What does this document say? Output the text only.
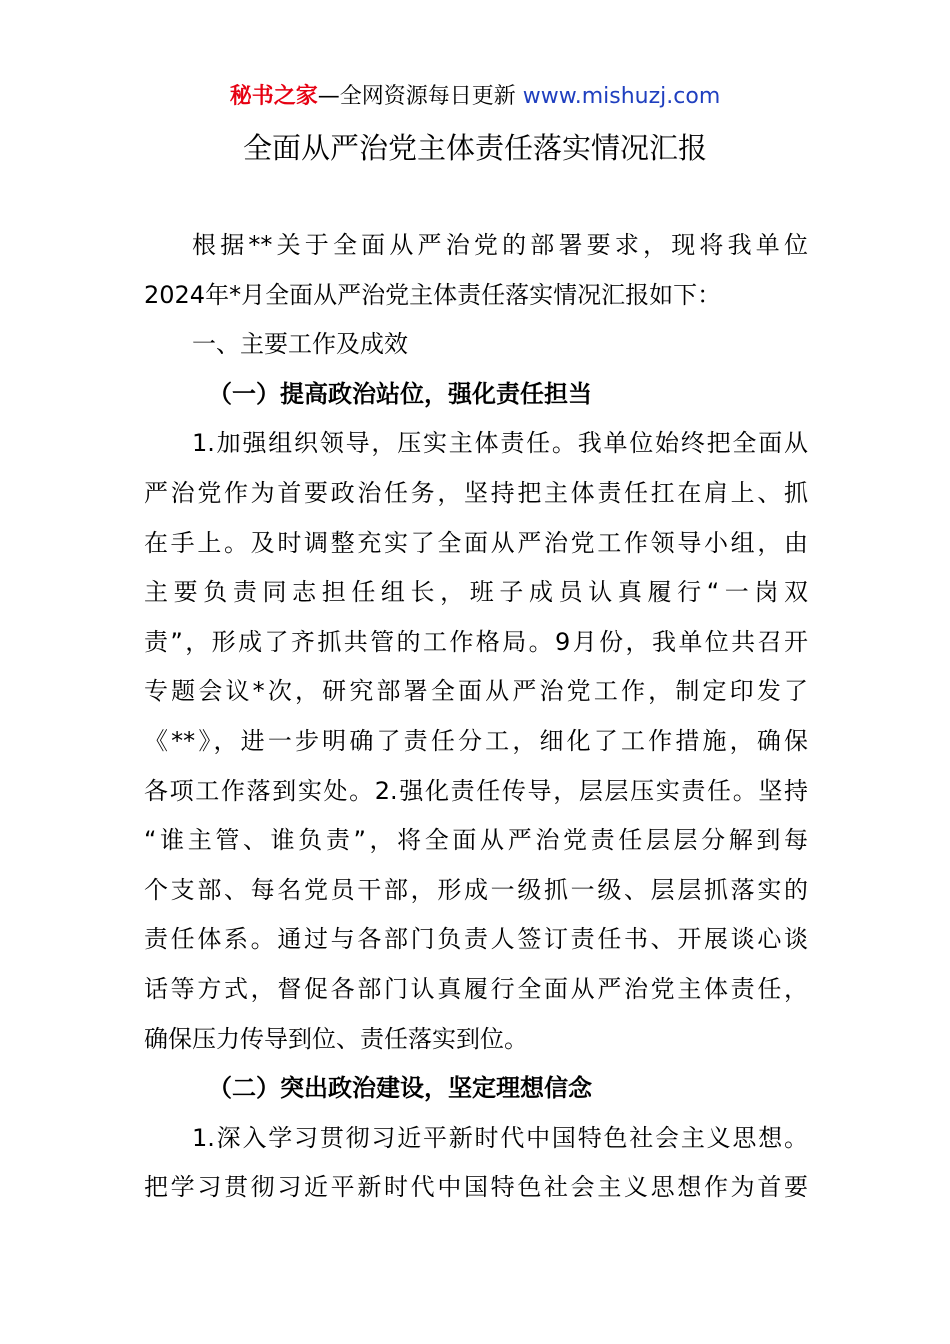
秘书之家—全网资源每日更新 www.mishuzj.com
全面从严治党主体责任落实情况汇报
根据**关于全面从严治党的部署要求，现将我单位
2024年*月全面从严治党主体责任落实情况汇报如下：
一、主要工作及成效
（一）提高政治站位，强化责任担当
1.加强组织领导，压实主体责任。我单位始终把全面从
严治党作为首要政治任务，坚持把主体责任扛在肩上、抓
在手上。及时调整充实了全面从严治党工作领导小组，由
主要负责同志担任组长，班子成员认真履行“一岗双
责”，形成了齐抓共管的工作格局。9月份，我单位共召开
专题会议*次，研究部署全面从严治党工作，制定印发了
《**》，进一步明确了责任分工，细化了工作措施，确保
各项工作落到实处。2.强化责任传导，层层压实责任。坚持
“谁主管、谁负责”，将全面从严治党责任层层分解到每
个支部、每名党员干部，形成一级抓一级、层层抓落实的
责任体系。通过与各部门负责人签订责任书、开展谈心谈
话等方式，督促各部门认真履行全面从严治党主体责任，
确保压力传导到位、责任落实到位。
（二）突出政治建设，坚定理想信念
1.深入学习贯彻习近平新时代中国特色社会主义思想。
把学习贯彻习近平新时代中国特色社会主义思想作为首要
